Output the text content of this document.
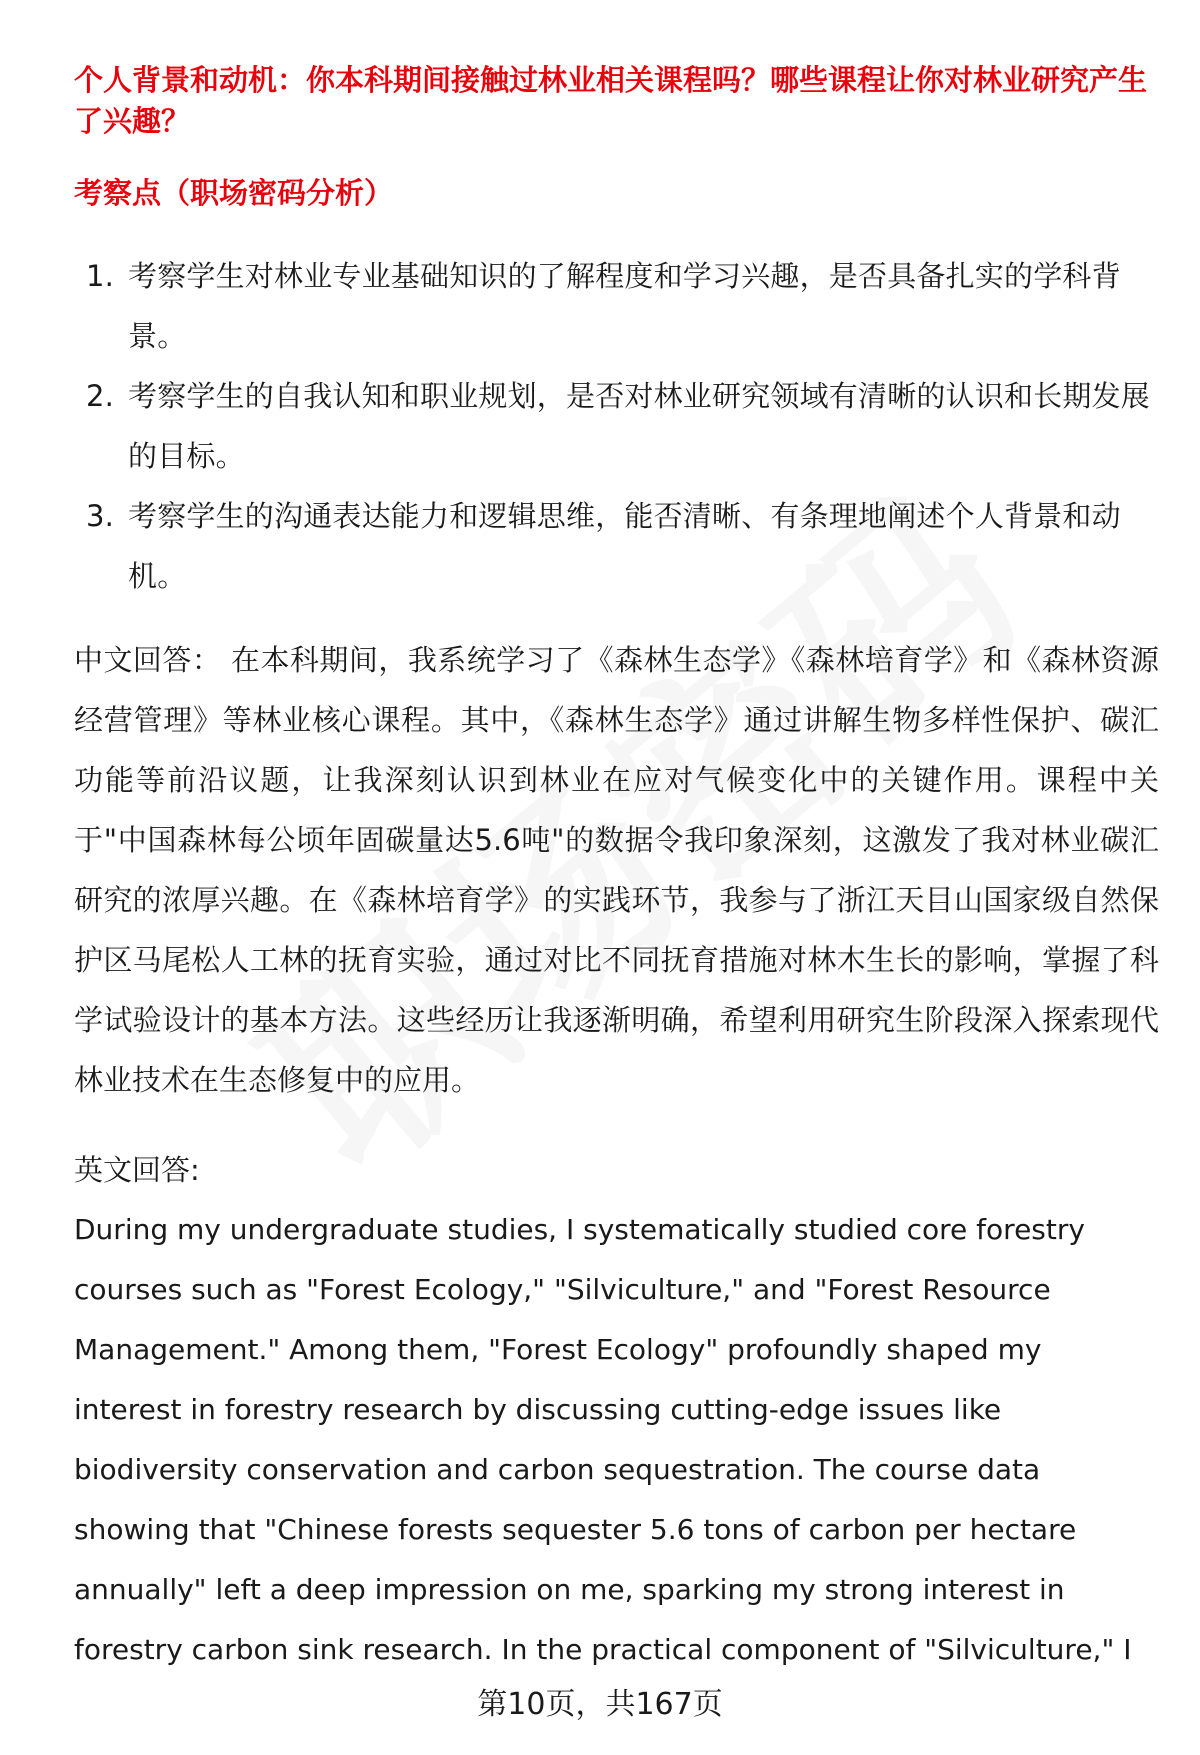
个人背景和动机：你本科期间接触过林业相关课程吗？哪些课程让你对林业研究产生了兴趣？
考察点（职场密码分析）
1. 考察学生对林业专业基础知识的了解程度和学习兴趣，是否具备扎实的学科背景。
2. 考察学生的自我认知和职业规划，是否对林业研究领域有清晰的认识和长期发展的目标。
3. 考察学生的沟通表达能力和逻辑思维，能否清晰、有条理地阐述个人背景和动机。
中文回答： 在本科期间，我系统学习了《森林生态学》《森林培育学》和《森林资源经营管理》等林业核心课程。其中，《森林生态学》通过讲解生物多样性保护、碳汇功能等前沿议题，让我深刻认识到林业在应对气候变化中的关键作用。课程中关于"中国森林每公顷年固碳量达5.6吨"的数据令我印象深刻，这激发了我对林业碳汇研究的浓厚兴趣。在《森林培育学》的实践环节，我参与了浙江天目山国家级自然保护区马尾松人工林的抚育实验，通过对比不同抚育措施对林木生长的影响，掌握了科学试验设计的基本方法。这些经历让我逐渐明确，希望利用研究生阶段深入探索现代林业技术在生态修复中的应用。
英文回答:
During my undergraduate studies, I systematically studied core forestry courses such as "Forest Ecology," "Silviculture," and "Forest Resource Management." Among them, "Forest Ecology" profoundly shaped my interest in forestry research by discussing cutting-edge issues like biodiversity conservation and carbon sequestration. The course data showing that "Chinese forests sequester 5.6 tons of carbon per hectare annually" left a deep impression on me, sparking my strong interest in forestry carbon sink research. In the practical component of "Silviculture," I
第10页，共167页
